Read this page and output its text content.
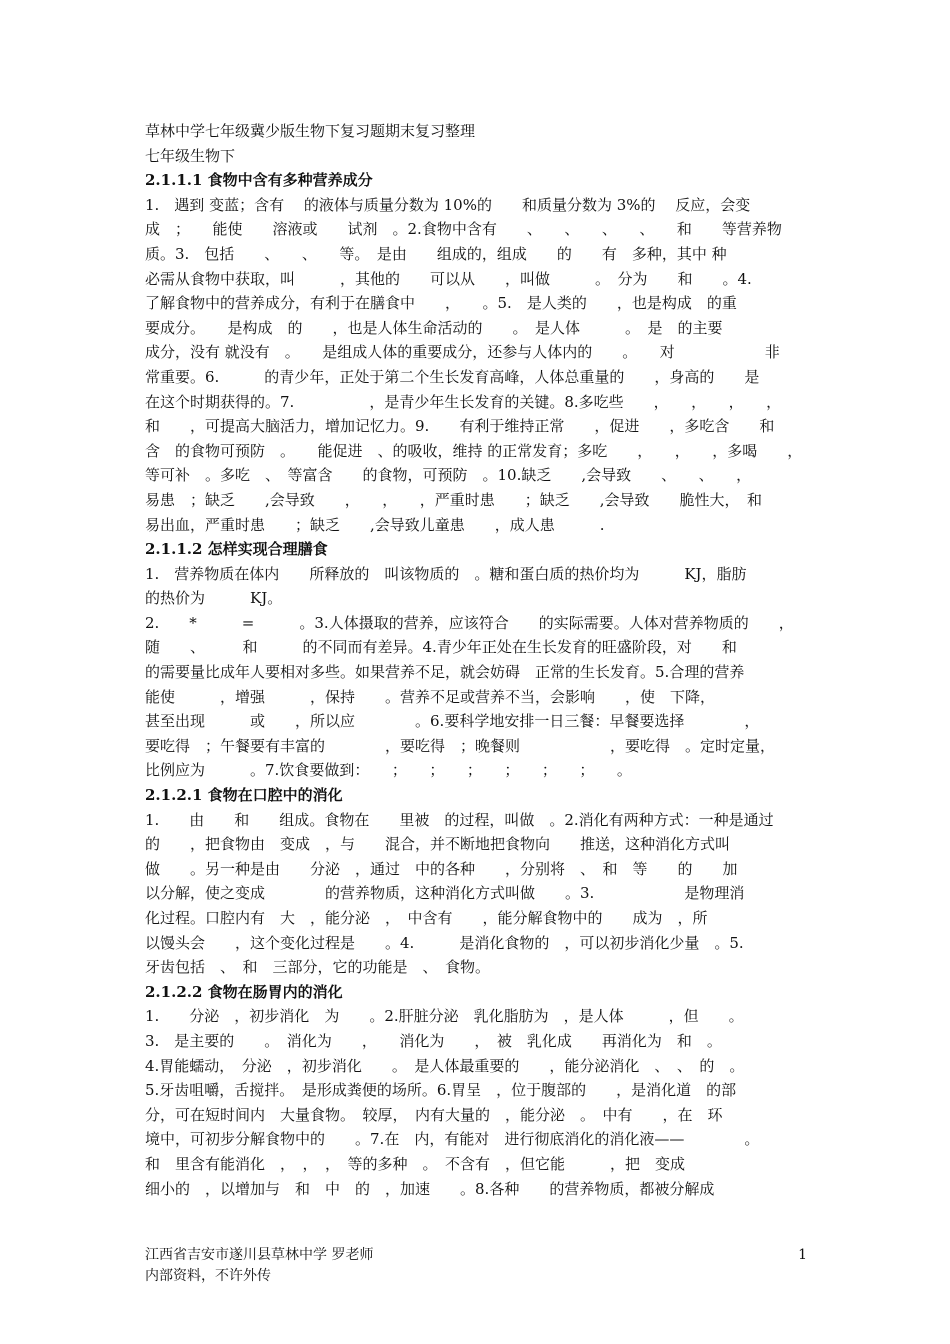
草林中学七年级冀少版生物下复习题期末复习整理
七年级生物下
2.1.1.1 食物中含有多种营养成分
1.　遇到 变蓝；含有　 的液体与质量分数为 10%的　　和质量分数为 3%的　 反应，会变
成　；　　能使　　溶液或　　试剂　。2.食物中含有　　、　　、　　、　　、　　和　　等营养物
质。3.　包括　　、　　、　　等。　是由　　组成的，组成　　的　　有　多种，其中 种
必需从食物中获取，叫　　　，其他的　　可以从　　，叫做　　　。　分为　　和　　。4.
了解食物中的营养成分，有利于在膳食中　　，　　。5.　是人类的　　，也是构成　的重
要成分。　　是构成　的　　，也是人体生命活动的　　。　是人体　　　。　是　的主要
成分，没有 就没有　。　　是组成人体的重要成分，还参与人体内的　　。　　对　　　　　　非
常重要。6.　　　的青少年，正处于第二个生长发育高峰，人体总重量的　　，身高的　　是
在这个时期获得的。7.　　　　　，是青少年生长发育的关键。8.多吃些　　，　　，　　，　　，
和　　，可提高大脑活力，增加记忆力。9.　　有利于维持正常　　，促进　　，多吃含　　和
含　的食物可预防　。　　能促进　、的吸收，维持 的正常发育；多吃　　，　　，　　，多喝　　，
等可补　。多吃　、　等富含　　的食物，可预防　。10.缺乏　　,会导致　　、　　、　　，
易患　；缺乏　　,会导致　　，　　，　　，严重时患　　；缺乏　　,会导致　　脆性大，　和
易出血，严重时患　　；缺乏　　,会导致儿童患　　，成人患　　　.
2.1.1.2 怎样实现合理膳食
1.　营养物质在体内　　所释放的　叫该物质的　。糖和蛋白质的热价均为　　　KJ，脂肪
的热价为　　　KJ。
2.　　*　　　=　　　。3.人体摄取的营养，应该符合　　的实际需要。人体对营养物质的　　，
随　　、　　　和　　　的不同而有差异。4.青少年正处在生长发育的旺盛阶段，对　　和
的需要量比成年人要相对多些。如果营养不足，就会妨碍　正常的生长发育。5.合理的营养
能使　　　，增强　　　，保持　　。营养不足或营养不当，会影响　　，使　下降，
甚至出现　　　或　　，所以应　　　　。6.要科学地安排一日三餐：早餐要选择　　　　，
要吃得　；午餐要有丰富的　　　　，要吃得　；晚餐则　　　　　　，要吃得　。定时定量，
比例应为　　　。7.饮食要做到：　　；　　；　　；　　；　　；　　；　　。
2.1.2.1 食物在口腔中的消化
1.　　由　　和　　组成。食物在　　里被　的过程，叫做　。2.消化有两种方式：一种是通过
的　　，把食物由　变成　，与　　混合，并不断地把食物向　　推送，这种消化方式叫
做　　。另一种是由　　分泌　，通过　中的各种　　，分别将　、　和　等　　的　　加
以分解，使之变成　　　　的营养物质，这种消化方式叫做　　。3.　　　　　　是物理消
化过程。口腔内有　大　，能分泌　，　中含有　　，能分解食物中的　　成为　，所
以馒头会　　，这个变化过程是　　。4.　　　是消化食物的　，可以初步消化少量　。5.
牙齿包括　、　和　三部分，它的功能是　、　食物。
2.1.2.2 食物在肠胃内的消化
1.　　分泌　，初步消化　为　　。2.肝脏分泌　乳化脂肪为　，是人体　　　，但　　。
3.　是主要的　　。　消化为　　，　　消化为　　，　被　乳化成　　再消化为　和　。
4.胃能蠕动，　分泌　，初步消化　　。　是人体最重要的　　，能分泌消化　、　、　的　。
5.牙齿咀嚼，舌搅拌。　是形成粪便的场所。6.胃呈　，位于腹部的　　，是消化道　的部
分，可在短时间内　大量食物。　较厚，　内有大量的　，能分泌　。　中有　　，在　环
境中，可初步分解食物中的　　。7.在　内，有能对　进行彻底消化的消化液——　　　　。
和　里含有能消化　，　，　，　等的多种　。　不含有　，但它能　　　，把　变成
细小的　，以增加与　和　中　的　，加速　　。8.各种　　的营养物质，都被分解成
江西省吉安市遂川县草林中学 罗老师
内部资料，不许外传
1
